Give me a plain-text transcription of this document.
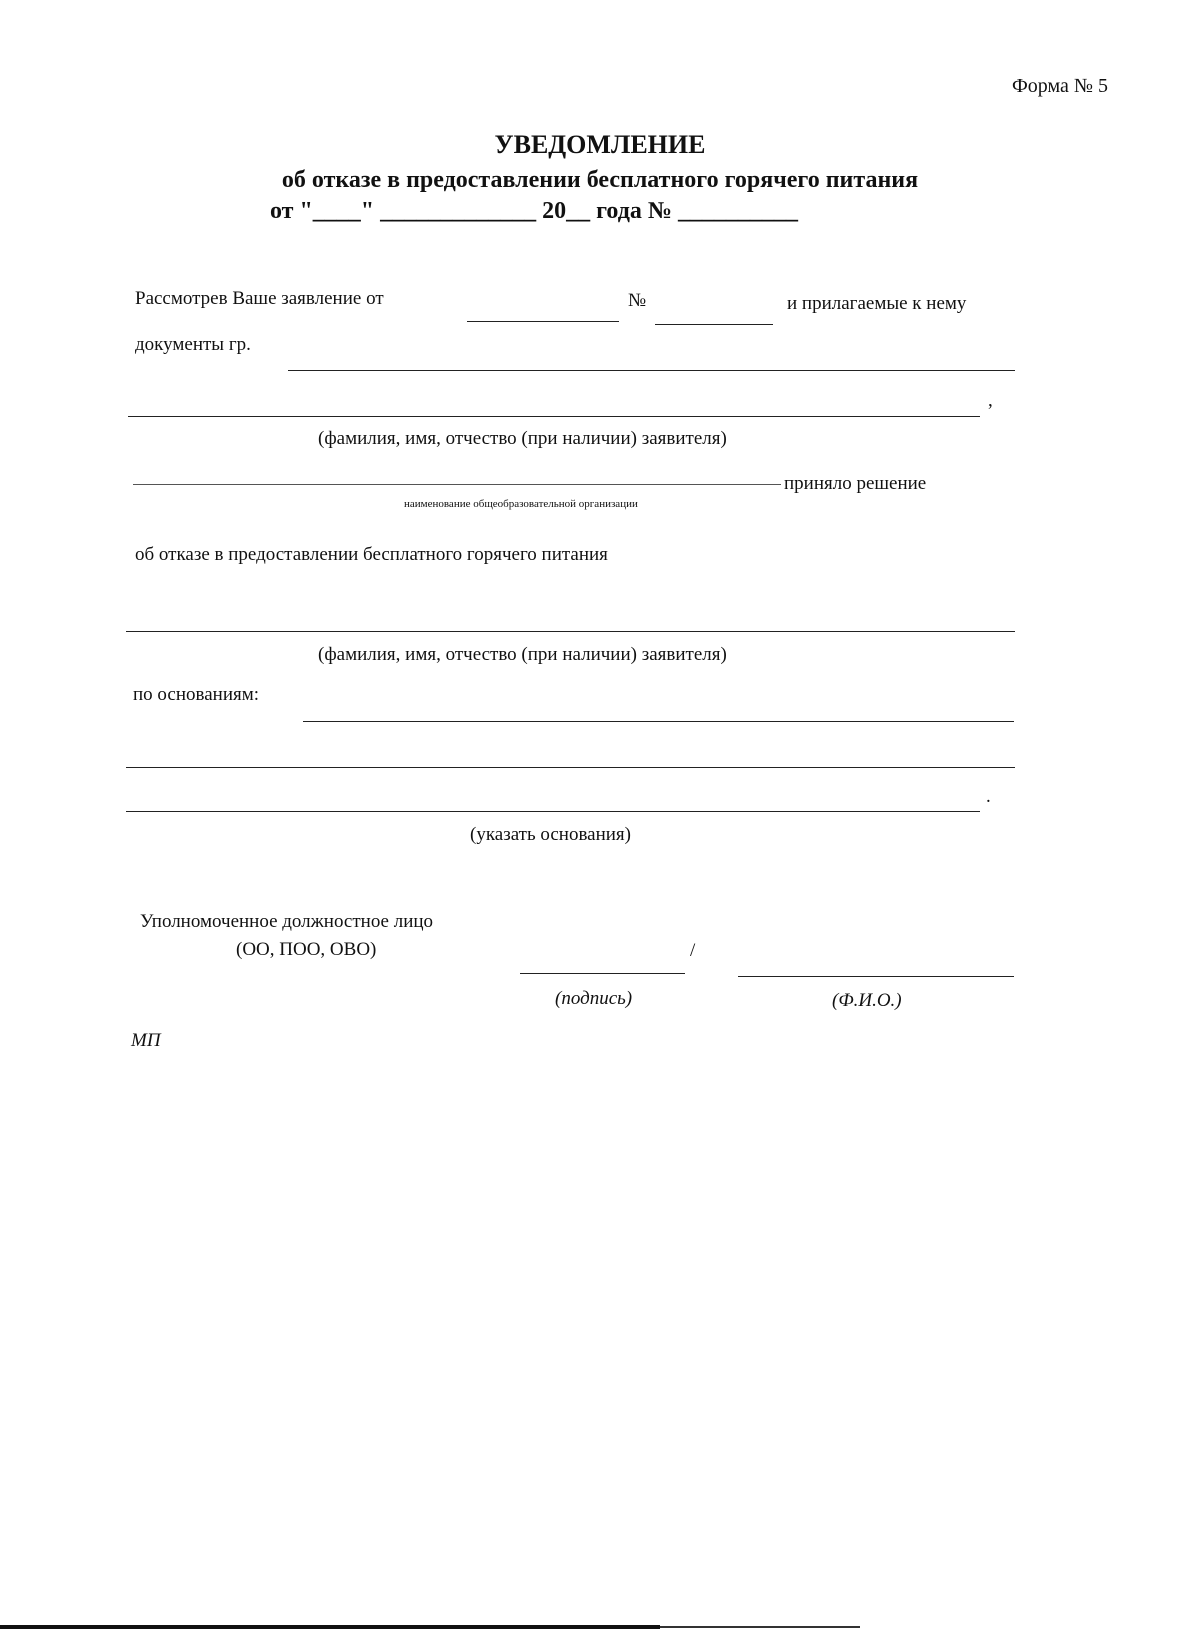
Форма № 5
УВЕДОМЛЕНИЕ
об отказе в предоставлении бесплатного горячего питания
от "____" _____________ 20__ года № __________
Рассмотрев Ваше заявление от	№	и прилагаемые к нему
документы гр.
,
(фамилия, имя, отчество (при наличии) заявителя)
приняло решение
наименование общеобразовательной организации
об отказе в предоставлении бесплатного горячего питания
(фамилия, имя, отчество (при наличии) заявителя)
по основаниям:
.
(указать основания)
Уполномоченное должностное лицо
(ОО, ПОО, ОВО)	/
(подпись)	(Ф.И.О.)
МП
